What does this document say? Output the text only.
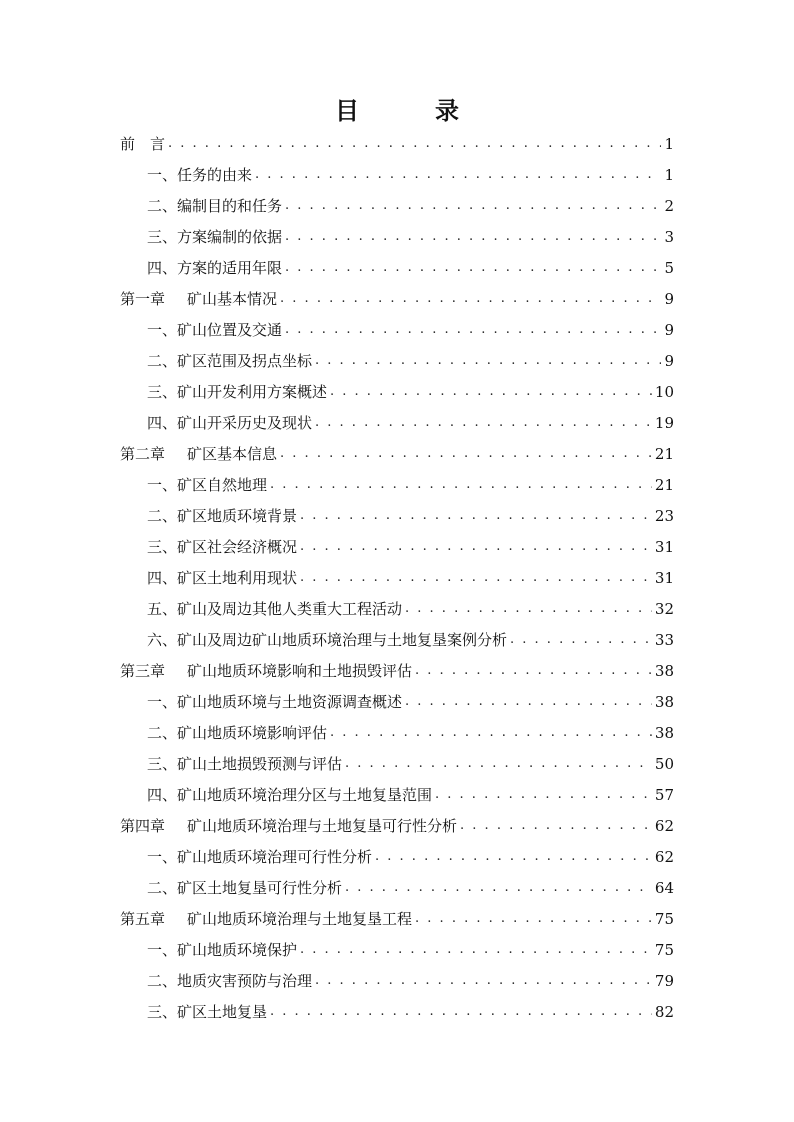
目　录
前　言 . . .	1
一、任务的由来 . . .	1
二、编制目的和任务 . . .	2
三、方案编制的依据 . . .	3
四、方案的适用年限 . . .	5
第一章 矿山基本情况 . . .	9
一、矿山位置及交通 . . .	9
二、矿区范围及拐点坐标 . . .	9
三、矿山开发利用方案概述 . . .	10
四、矿山开采历史及现状 . . .	19
第二章 矿区基本信息 . . .	21
一、矿区自然地理 . . .	21
二、矿区地质环境背景 . . .	23
三、矿区社会经济概况 . . .	31
四、矿区土地利用现状 . . .	31
五、矿山及周边其他人类重大工程活动 . . .	32
六、矿山及周边矿山地质环境治理与土地复垦案例分析 . . .	33
第三章 矿山地质环境影响和土地损毁评估 . . .	38
一、矿山地质环境与土地资源调查概述 . . .	38
二、矿山地质环境影响评估 . . .	38
三、矿山土地损毁预测与评估 . . .	50
四、矿山地质环境治理分区与土地复垦范围 . . .	57
第四章 矿山地质环境治理与土地复垦可行性分析 . . .	62
一、矿山地质环境治理可行性分析 . . .	62
二、矿区土地复垦可行性分析 . . .	64
第五章 矿山地质环境治理与土地复垦工程 . . .	75
一、矿山地质环境保护 . . .	75
二、地质灾害预防与治理 . . .	79
三、矿区土地复垦 . . .	82
